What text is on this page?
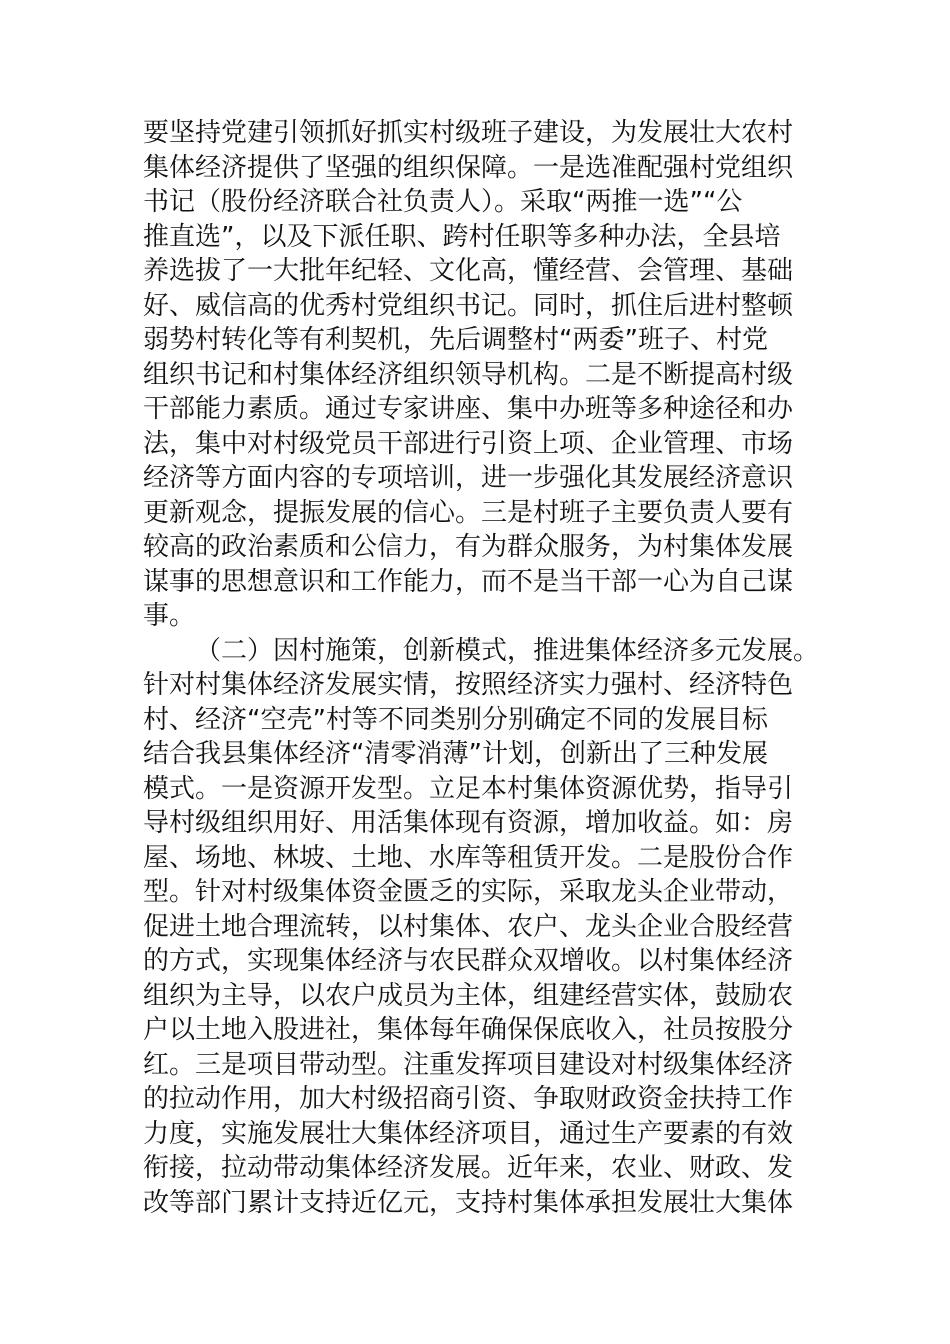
要坚持党建引领抓好抓实村级班子建设，为发展壮大农村
集体经济提供了坚强的组织保障。一是选准配强村党组织
书记（股份经济联合社负责人）。采取“两推一选”“公
推直选”，以及下派任职、跨村任职等多种办法，全县培
养选拔了一大批年纪轻、文化高，懂经营、会管理、基础
好、威信高的优秀村党组织书记。同时，抓住后进村整顿
弱势村转化等有利契机，先后调整村“两委”班子、村党
组织书记和村集体经济组织领导机构。二是不断提高村级
干部能力素质。通过专家讲座、集中办班等多种途径和办
法，集中对村级党员干部进行引资上项、企业管理、市场
经济等方面内容的专项培训，进一步强化其发展经济意识
更新观念，提振发展的信心。三是村班子主要负责人要有
较高的政治素质和公信力，有为群众服务，为村集体发展
谋事的思想意识和工作能力，而不是当干部一心为自己谋
事。
（二）因村施策，创新模式，推进集体经济多元发展。
针对村集体经济发展实情，按照经济实力强村、经济特色
村、经济“空壳”村等不同类别分别确定不同的发展目标
结合我县集体经济“清零消薄”计划，创新出了三种发展
模式。一是资源开发型。立足本村集体资源优势，指导引
导村级组织用好、用活集体现有资源，增加收益。如：房
屋、场地、林坡、土地、水库等租赁开发。二是股份合作
型。针对村级集体资金匮乏的实际，采取龙头企业带动，
促进土地合理流转，以村集体、农户、龙头企业合股经营
的方式，实现集体经济与农民群众双增收。以村集体经济
组织为主导，以农户成员为主体，组建经营实体，鼓励农
户以土地入股进社，集体每年确保保底收入，社员按股分
红。三是项目带动型。注重发挥项目建设对村级集体经济
的拉动作用，加大村级招商引资、争取财政资金扶持工作
力度，实施发展壮大集体经济项目，通过生产要素的有效
衔接，拉动带动集体经济发展。近年来，农业、财政、发
改等部门累计支持近亿元，支持村集体承担发展壮大集体
